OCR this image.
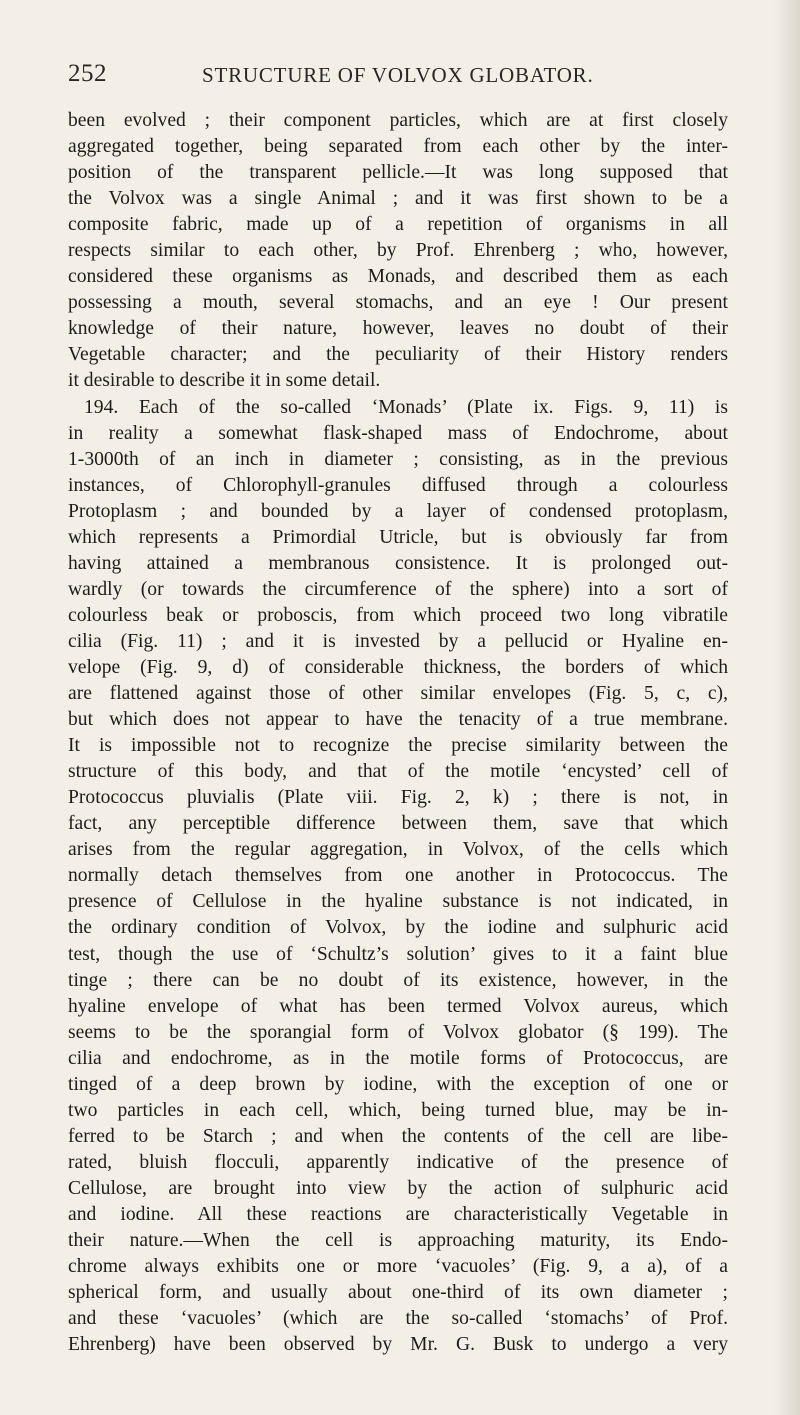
252	STRUCTURE OF VOLVOX GLOBATOR.
been evolved ; their component particles, which are at first closely
aggregated together, being separated from each other by the inter-
position of the transparent pellicle.—It was long supposed that
the Volvox was a single Animal ; and it was first shown to be a
composite fabric, made up of a repetition of organisms in all
respects similar to each other, by Prof. Ehrenberg ; who, however,
considered these organisms as Monads, and described them as each
possessing a mouth, several stomachs, and an eye ! Our present
knowledge of their nature, however, leaves no doubt of their
Vegetable character; and the peculiarity of their History renders
it desirable to describe it in some detail.
194. Each of the so-called ‘Monads’ (Plate ix. Figs. 9, 11) is
in reality a somewhat flask-shaped mass of Endochrome, about
1-3000th of an inch in diameter ; consisting, as in the previous
instances, of Chlorophyll-granules diffused through a colourless
Protoplasm ; and bounded by a layer of condensed protoplasm,
which represents a Primordial Utricle, but is obviously far from
having attained a membranous consistence. It is prolonged out-
wardly (or towards the circumference of the sphere) into a sort of
colourless beak or proboscis, from which proceed two long vibratile
cilia (Fig. 11) ; and it is invested by a pellucid or Hyaline en-
velope (Fig. 9, d) of considerable thickness, the borders of which
are flattened against those of other similar envelopes (Fig. 5, c, c),
but which does not appear to have the tenacity of a true membrane.
It is impossible not to recognize the precise similarity between the
structure of this body, and that of the motile ‘encysted’ cell of
Protococcus pluvialis (Plate viii. Fig. 2, k) ; there is not, in
fact, any perceptible difference between them, save that which
arises from the regular aggregation, in Volvox, of the cells which
normally detach themselves from one another in Protococcus. The
presence of Cellulose in the hyaline substance is not indicated, in
the ordinary condition of Volvox, by the iodine and sulphuric acid
test, though the use of ‘Schultz’s solution’ gives to it a faint blue
tinge ; there can be no doubt of its existence, however, in the
hyaline envelope of what has been termed Volvox aureus, which
seems to be the sporangial form of Volvox globator (§ 199). The
cilia and endochrome, as in the motile forms of Protococcus, are
tinged of a deep brown by iodine, with the exception of one or
two particles in each cell, which, being turned blue, may be in-
ferred to be Starch ; and when the contents of the cell are libe-
rated, bluish flocculi, apparently indicative of the presence of
Cellulose, are brought into view by the action of sulphuric acid
and iodine. All these reactions are characteristically Vegetable in
their nature.—When the cell is approaching maturity, its Endo-
chrome always exhibits one or more ‘vacuoles’ (Fig. 9, a a), of a
spherical form, and usually about one-third of its own diameter ;
and these ‘vacuoles’ (which are the so-called ‘stomachs’ of Prof.
Ehrenberg) have been observed by Mr. G. Busk to undergo a very
